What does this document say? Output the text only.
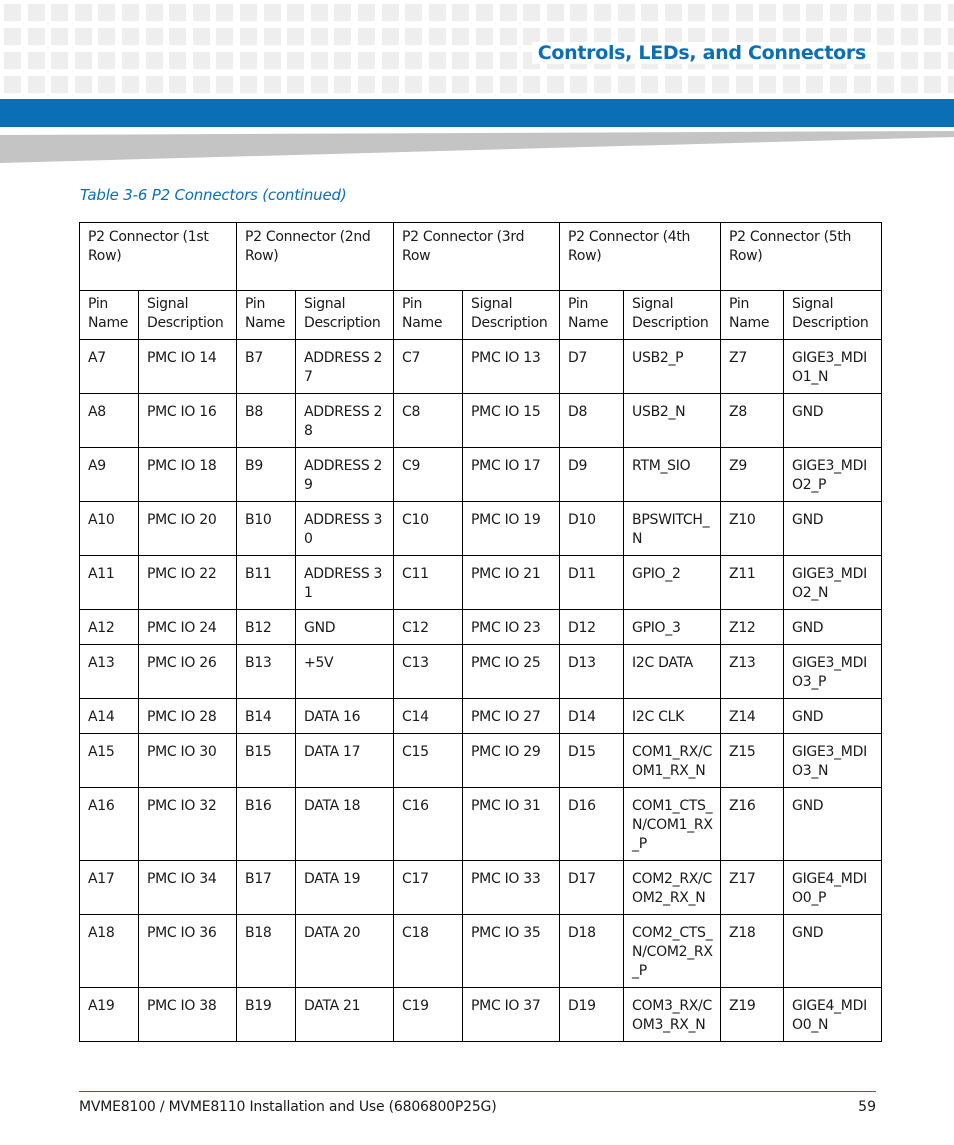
Controls, LEDs, and Connectors
Table 3-6 P2 Connectors (continued)
P2 Connector (1st Row)		P2 Connector (2nd Row)		P2 Connector (3rd Row		P2 Connector (4th Row)		P2 Connector (5th Row)	
Pin Name	Signal Description	Pin Name	Signal Description	Pin Name	Signal Description	Pin Name	Signal Description	Pin Name	Signal Description
A7	PMC IO 14	B7	ADDRESS 27	C7	PMC IO 13	D7	USB2_P	Z7	GIGE3_MDIO1_N
A8	PMC IO 16	B8	ADDRESS 28	C8	PMC IO 15	D8	USB2_N	Z8	GND
A9	PMC IO 18	B9	ADDRESS 29	C9	PMC IO 17	D9	RTM_SIO	Z9	GIGE3_MDIO2_P
A10	PMC IO 20	B10	ADDRESS 30	C10	PMC IO 19	D10	BPSWITCH_N	Z10	GND
A11	PMC IO 22	B11	ADDRESS 31	C11	PMC IO 21	D11	GPIO_2	Z11	GIGE3_MDIO2_N
A12	PMC IO 24	B12	GND	C12	PMC IO 23	D12	GPIO_3	Z12	GND
A13	PMC IO 26	B13	+5V	C13	PMC IO 25	D13	I2C DATA	Z13	GIGE3_MDIO3_P
A14	PMC IO 28	B14	DATA 16	C14	PMC IO 27	D14	I2C CLK	Z14	GND
A15	PMC IO 30	B15	DATA 17	C15	PMC IO 29	D15	COM1_RX/COM1_RX_N	Z15	GIGE3_MDIO3_N
A16	PMC IO 32	B16	DATA 18	C16	PMC IO 31	D16	COM1_CTS_N/COM1_RX_P	Z16	GND
A17	PMC IO 34	B17	DATA 19	C17	PMC IO 33	D17	COM2_RX/COM2_RX_N	Z17	GIGE4_MDIO0_P
A18	PMC IO 36	B18	DATA 20	C18	PMC IO 35	D18	COM2_CTS_N/COM2_RX_P	Z18	GND
A19	PMC IO 38	B19	DATA 21	C19	PMC IO 37	D19	COM3_RX/COM3_RX_N	Z19	GIGE4_MDIO0_N
MVME8100 / MVME8110 Installation and Use (6806800P25G)	59
